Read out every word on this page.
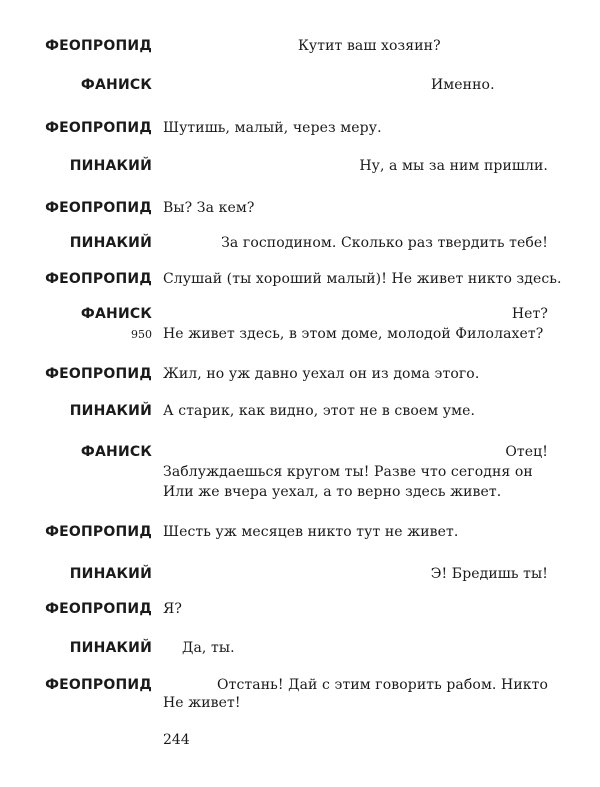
ФЕОПРОПИД	Кутит ваш хозяин?
ФАНИСК	Именно.
ФЕОПРОПИД Шутишь, малый, через меру.
ПИНАКИЙ	Ну, а мы за ним пришли.
ФЕОПРОПИД Вы? За кем?
ПИНАКИЙ	За господином. Сколько раз твердить тебе!
ФЕОПРОПИД Слушай (ты хороший малый)! Не живет никто здесь.
ФАНИСК	Нет?
950 Не живет здесь, в этом доме, молодой Филолахет?
ФЕОПРОПИД Жил, но уж давно уехал он из дома этого.
ПИНАКИЙ А старик, как видно, этот не в своем уме.
ФАНИСК	Отец!
Заблуждаешься кругом ты! Разве что сегодня он
Или же вчера уехал, а то верно здесь живет.
ФЕОПРОПИД Шесть уж месяцев никто тут не живет.
ПИНАКИЙ	Э! Бредишь ты!
ФЕОПРОПИД Я?
ПИНАКИЙ Да, ты.
ФЕОПРОПИД	Отстань! Дай с этим говорить рабом. Никто
Не живет!
244
